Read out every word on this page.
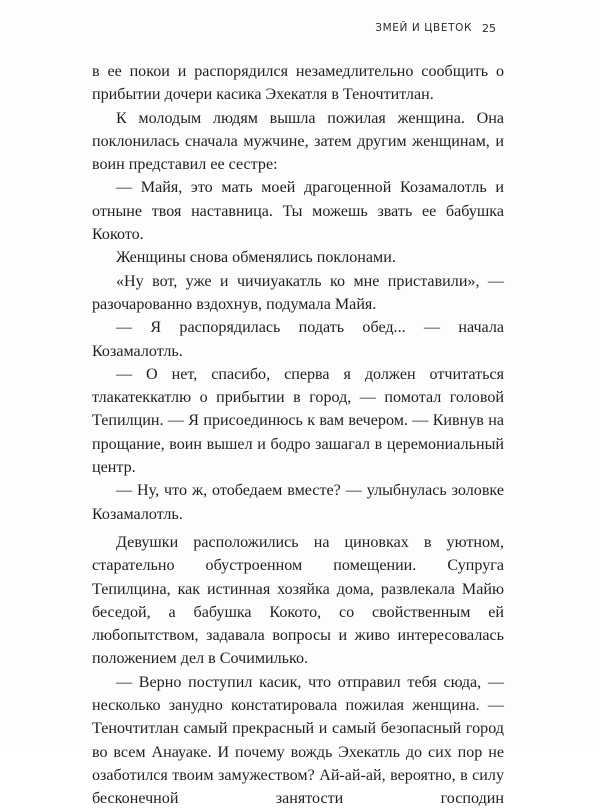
ЗМЕЙ И ЦВЕТОК 25

в ее покои и распорядился незамедлительно сообщить о прибытии дочери касика Эхекатля в Теночтитлан.

К молодым людям вышла пожилая женщина. Она поклонилась сначала мужчине, затем другим женщинам, и воин представил ее сестре:

— Майя, это мать моей драгоценной Козамалотль и отныне твоя наставница. Ты можешь звать ее бабушка Кокото.

Женщины снова обменялись поклонами.

«Ну вот, уже и чичиуакатль ко мне приставили», — разочарованно вздохнув, подумала Майя.

— Я распорядилась подать обед... — начала Козамалотль.

— О нет, спасибо, сперва я должен отчитаться тлакатеккатлю о прибытии в город, — помотал головой Тепилцин. — Я присоединюсь к вам вечером. — Кивнув на прощание, воин вышел и бодро зашагал в церемониальный центр.

— Ну, что ж, отобедаем вместе? — улыбнулась золовке Козамалотль.

Девушки расположились на циновках в уютном, старательно обустроенном помещении. Супруга Тепилцина, как истинная хозяйка дома, развлекала Майю беседой, а бабушка Кокото, со свойственным ей любопытством, задавала вопросы и живо интересовалась положением дел в Сочимилько.

— Верно поступил касик, что отправил тебя сюда, — несколько занудно констатировала пожилая женщина. — Теночтитлан самый прекрасный и самый безопасный город во всем Анауаке. И почему вождь Эхекатль до сих пор не озаботился твоим замужеством? Ай-ай-ай, вероятно, в силу бесконечной занятости господин
